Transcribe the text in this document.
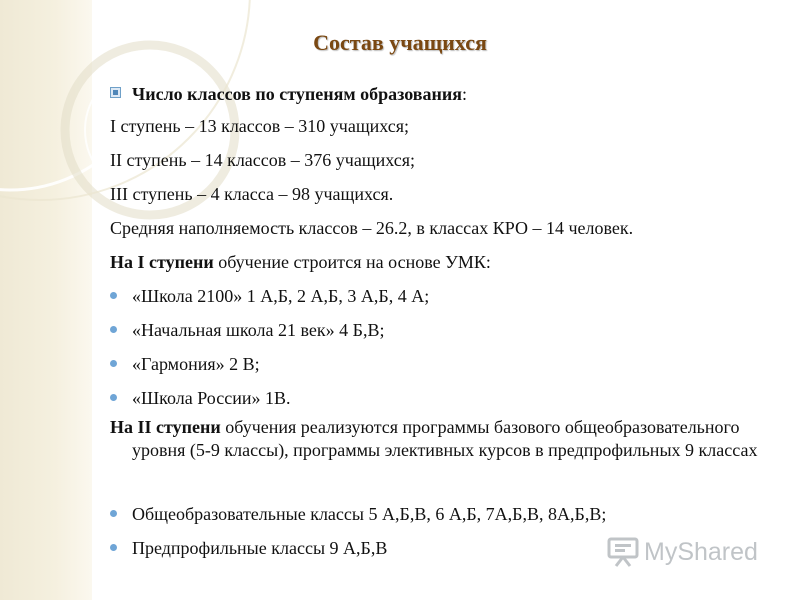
Состав учащихся
Число классов по ступеням образования:
I ступень – 13 классов – 310 учащихся;
II ступень – 14 классов – 376 учащихся;
III ступень – 4 класса – 98 учащихся.
Средняя наполняемость классов – 26.2, в классах КРО – 14 человек.
На I ступени обучение строится на основе УМК:
«Школа 2100» 1 А,Б, 2 А,Б, 3 А,Б, 4 А;
«Начальная школа 21 век» 4 Б,В;
«Гармония» 2 В;
«Школа России» 1В.
На II ступени обучения реализуются программы базового общеобразовательного уровня (5-9 классы), программы элективных курсов в предпрофильных 9 классах
Общеобразовательные классы 5 А,Б,В, 6 А,Б, 7А,Б,В, 8А,Б,В;
Предпрофильные классы 9 А,Б,В	MyShared
